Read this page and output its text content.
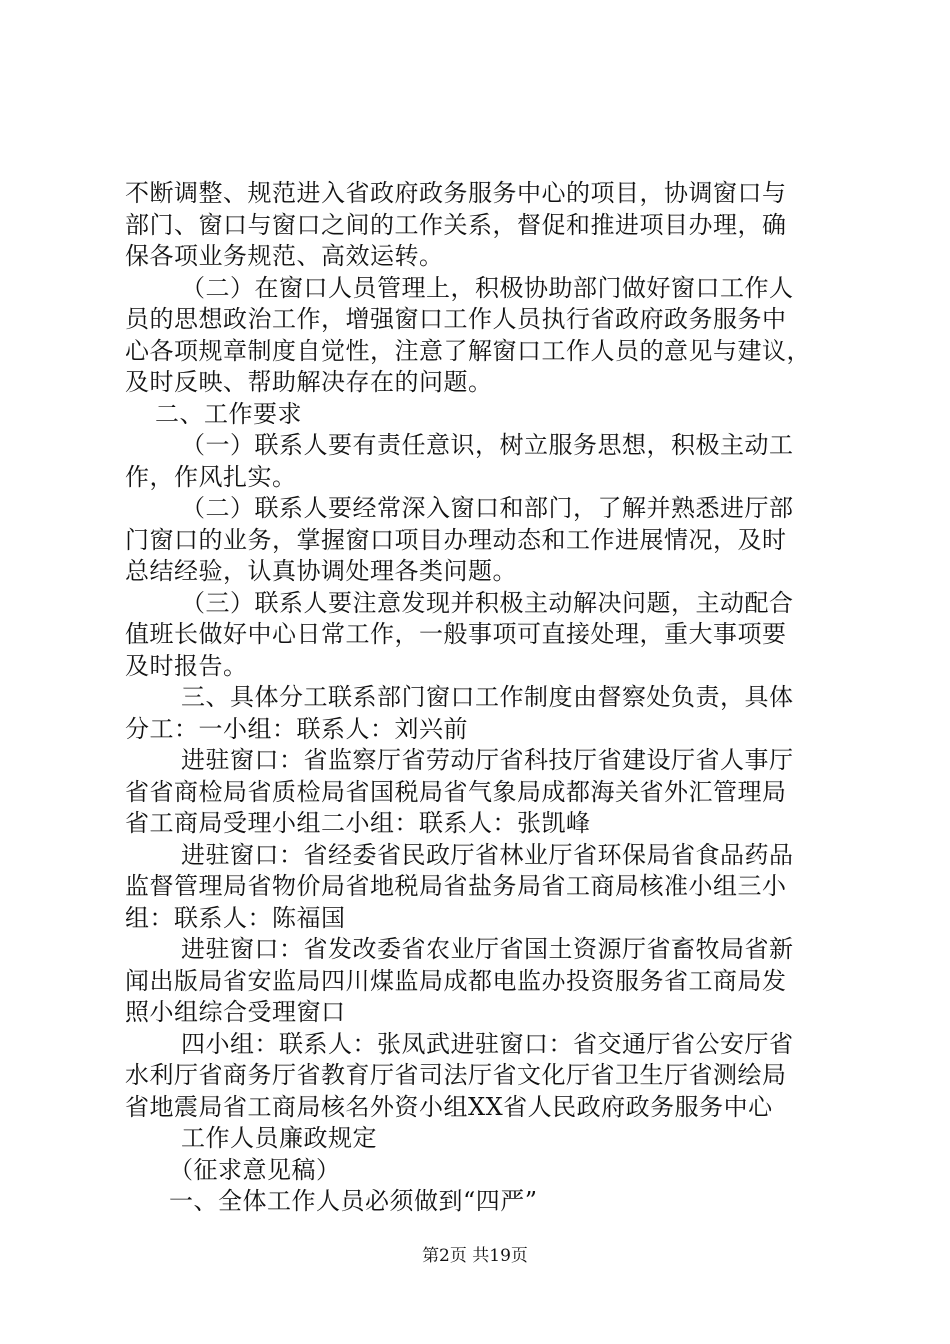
不断调整、规范进入省政府政务服务中心的项目，协调窗口与
部门、窗口与窗口之间的工作关系，督促和推进项目办理，确
保各项业务规范、高效运转。
（二）在窗口人员管理上，积极协助部门做好窗口工作人
员的思想政治工作，增强窗口工作人员执行省政府政务服务中
心各项规章制度自觉性，注意了解窗口工作人员的意见与建议，
及时反映、帮助解决存在的问题。
二、工作要求
（一）联系人要有责任意识，树立服务思想，积极主动工
作，作风扎实。
（二）联系人要经常深入窗口和部门，了解并熟悉进厅部
门窗口的业务，掌握窗口项目办理动态和工作进展情况，及时
总结经验，认真协调处理各类问题。
（三）联系人要注意发现并积极主动解决问题，主动配合
值班长做好中心日常工作，一般事项可直接处理，重大事项要
及时报告。
三、具体分工联系部门窗口工作制度由督察处负责，具体
分工：一小组：联系人：刘兴前
进驻窗口：省监察厅省劳动厅省科技厅省建设厅省人事厅
省省商检局省质检局省国税局省气象局成都海关省外汇管理局
省工商局受理小组二小组：联系人：张凯峰
进驻窗口：省经委省民政厅省林业厅省环保局省食品药品
监督管理局省物价局省地税局省盐务局省工商局核准小组三小
组：联系人：陈福国
进驻窗口：省发改委省农业厅省国土资源厅省畜牧局省新
闻出版局省安监局四川煤监局成都电监办投资服务省工商局发
照小组综合受理窗口
四小组：联系人：张凤武进驻窗口：省交通厅省公安厅省
水利厅省商务厅省教育厅省司法厅省文化厅省卫生厅省测绘局
省地震局省工商局核名外资小组XX省人民政府政务服务中心
工作人员廉政规定
（征求意见稿）
一、全体工作人员必须做到“四严”
第2页 共19页
